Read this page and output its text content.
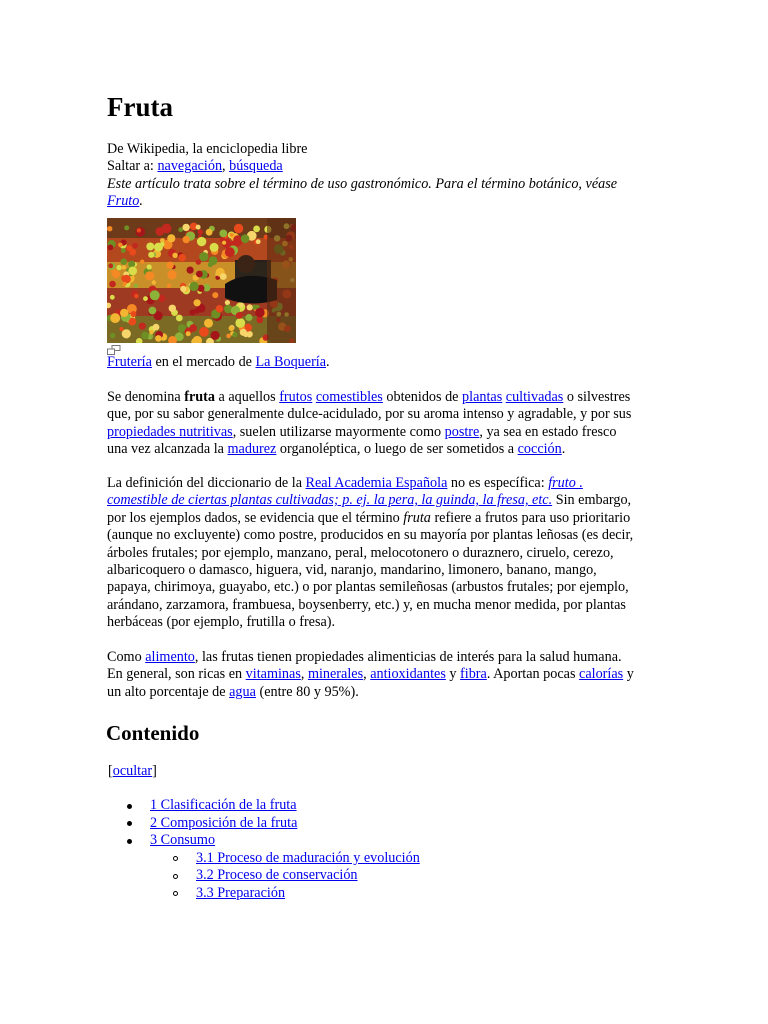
Fruta
De Wikipedia, la enciclopedia libre
Saltar a: navegación, búsqueda
Este artículo trata sobre el término de uso gastronómico. Para el término botánico, véase
Fruto.
Frutería en el mercado de La Boquería.
Se denomina fruta a aquellos frutos comestibles obtenidos de plantas cultivadas o silvestres
que, por su sabor generalmente dulce-acidulado, por su aroma intenso y agradable, y por sus
propiedades nutritivas, suelen utilizarse mayormente como postre, ya sea en estado fresco
una vez alcanzada la madurez organoléptica, o luego de ser sometidos a cocción.
La definición del diccionario de la Real Academia Española no es específica: fruto .
comestible de ciertas plantas cultivadas; p. ej. la pera, la guinda, la fresa, etc. Sin embargo,
por los ejemplos dados, se evidencia que el término fruta refiere a frutos para uso prioritario
(aunque no excluyente) como postre, producidos en su mayoría por plantas leñosas (es decir,
árboles frutales; por ejemplo, manzano, peral, melocotonero o duraznero, ciruelo, cerezo,
albaricoquero o damasco, higuera, vid, naranjo, mandarino, limonero, banano, mango,
papaya, chirimoya, guayabo, etc.) o por plantas semileñosas (arbustos frutales; por ejemplo,
arándano, zarzamora, frambuesa, boysenberry, etc.) y, en mucha menor medida, por plantas
herbáceas (por ejemplo, frutilla o fresa).
Como alimento, las frutas tienen propiedades alimenticias de interés para la salud humana.
En general, son ricas en vitaminas, minerales, antioxidantes y fibra. Aportan pocas calorías y
un alto porcentaje de agua (entre 80 y 95%).
Contenido
[ocultar]
1 Clasificación de la fruta
2 Composición de la fruta
3 Consumo
3.1 Proceso de maduración y evolución
3.2 Proceso de conservación
3.3 Preparación
